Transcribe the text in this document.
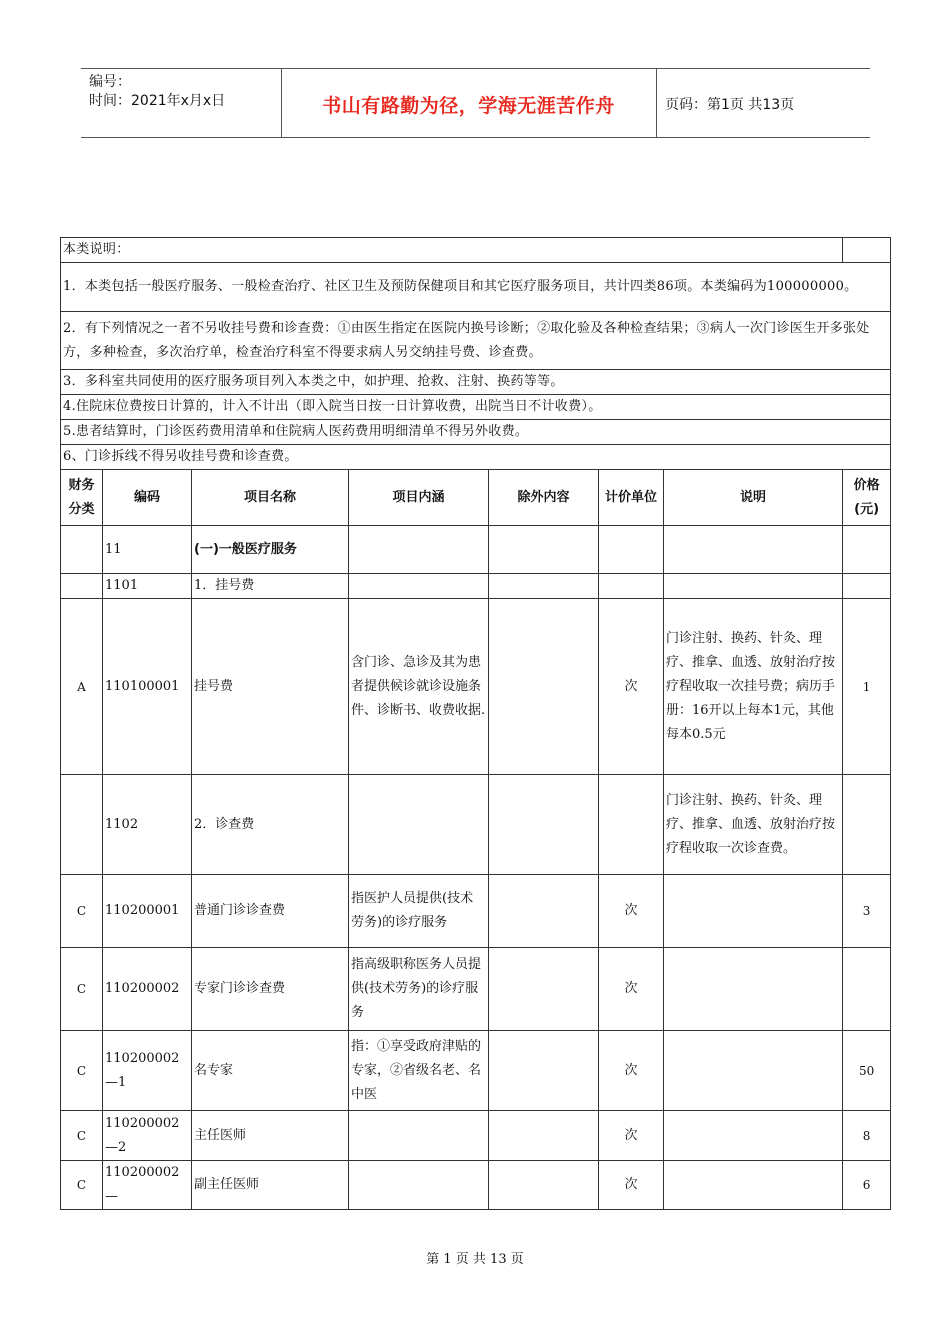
编号：
时间：2021年x月x日	书山有路勤为径，学海无涯苦作舟	页码：第1页 共13页
本类说明：							
1．本类包括一般医疗服务、一般检查治疗、社区卫生及预防保健项目和其它医疗服务项目，共计四类86项。本类编码为100000000。							
2．有下列情况之一者不另收挂号费和诊查费：①由医生指定在医院内换号诊断；②取化验及各种检查结果；③病人一次门诊医生开多张处方，多种检查，多次治疗单，检查治疗科室不得要求病人另交纳挂号费、诊查费。							
3．多科室共同使用的医疗服务项目列入本类之中，如护理、抢救、注射、换药等等。							
4.住院床位费按日计算的，计入不计出（即入院当日按一日计算收费，出院当日不计收费）。							
5.患者结算时，门诊医药费用清单和住院病人医药费用明细清单不得另外收费。							
6、门诊拆线不得另收挂号费和诊查费。							
财务分类	编码	项目名称	项目内涵	除外内容	计价单位	说明	价格(元)
	11	(一)一般医疗服务					
	1101	1．挂号费					
A	110100001	挂号费	含门诊、急诊及其为患者提供候诊就诊设施条件、诊断书、收费收据.		次	门诊注射、换药、针灸、理疗、推拿、血透、放射治疗按疗程收取一次挂号费；病历手册：16开以上每本1元，其他每本0.5元	1
	1102	2．诊查费				门诊注射、换药、针灸、理疗、推拿、血透、放射治疗按疗程收取一次诊查费。	
C	110200001	普通门诊诊查费	指医护人员提供(技术劳务)的诊疗服务		次		3
C	110200002	专家门诊诊查费	指高级职称医务人员提供(技术劳务)的诊疗服务		次		
C	110200002—1	名专家	指：①享受政府津贴的专家，②省级名老、名中医		次		50
C	110200002—2	主任医师			次		8
C	110200002—	副主任医师			次		6
第 1 页 共 13 页
